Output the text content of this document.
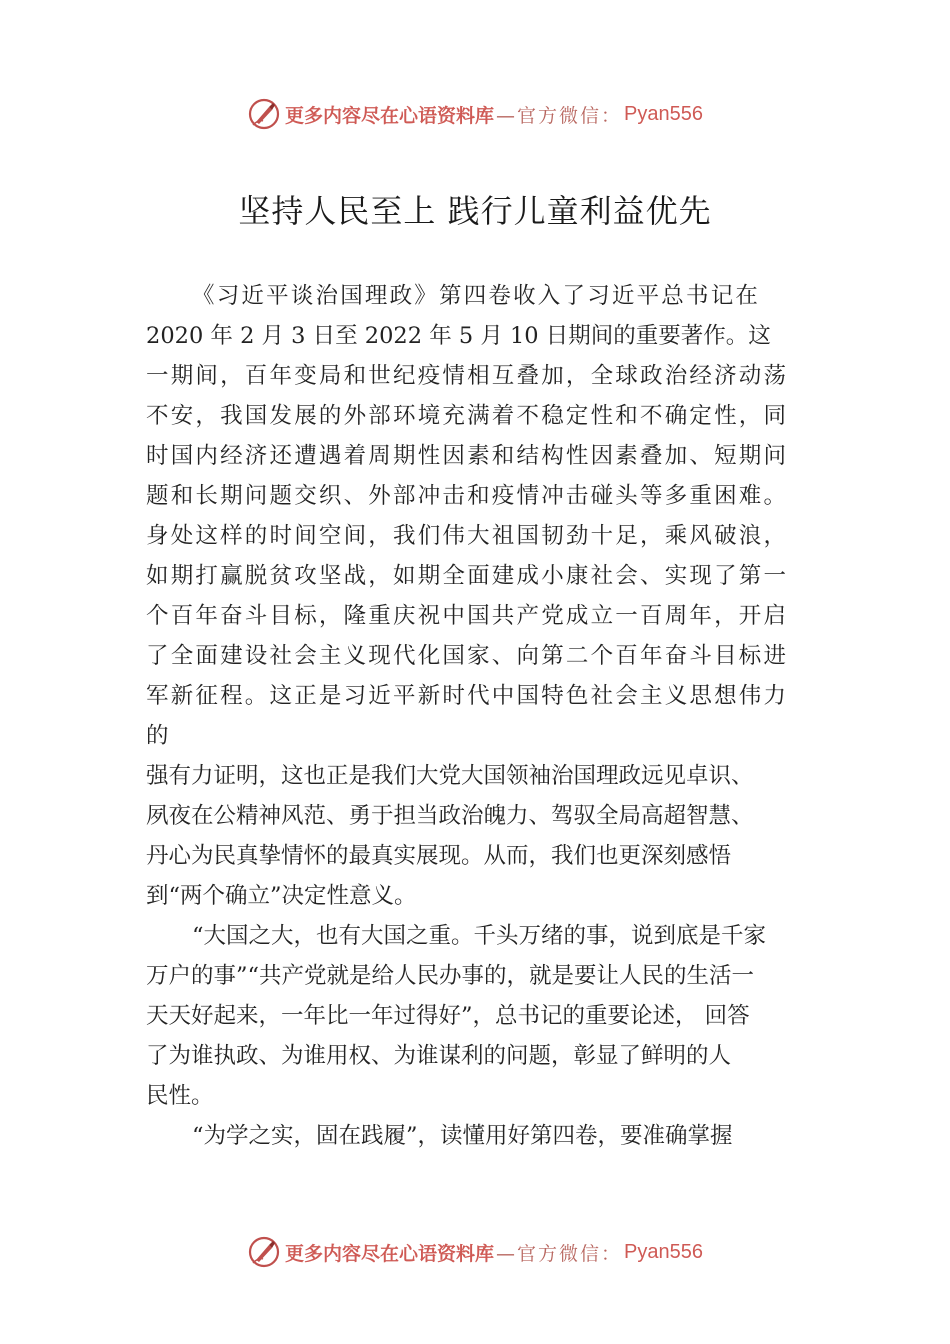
更多内容尽在心语资料库 —官方微信： Pyan556
坚持人民至上 践行儿童利益优先
《习近平谈治国理政》第四卷收入了习近平总书记在
2020 年 2 月 3 日至 2022 年 5 月 10 日期间的重要著作。这
一期间，百年变局和世纪疫情相互叠加，全球政治经济动荡
不安，我国发展的外部环境充满着不稳定性和不确定性，同
时国内经济还遭遇着周期性因素和结构性因素叠加、短期问
题和长期问题交织、外部冲击和疫情冲击碰头等多重困难。
身处这样的时间空间，我们伟大祖国韧劲十足，乘风破浪，
如期打赢脱贫攻坚战，如期全面建成小康社会、实现了第一
个百年奋斗目标，隆重庆祝中国共产党成立一百周年，开启
了全面建设社会主义现代化国家、向第二个百年奋斗目标进
军新征程。这正是习近平新时代中国特色社会主义思想伟力
的
强有力证明，这也正是我们大党大国领袖治国理政远见卓识、
夙夜在公精神风范、勇于担当政治魄力、驾驭全局高超智慧、
丹心为民真挚情怀的最真实展现。从而，我们也更深刻感悟
到“两个确立”决定性意义。
“大国之大，也有大国之重。千头万绪的事，说到底是千家
万户的事”“共产党就是给人民办事的，就是要让人民的生活一
天天好起来，一年比一年过得好”，总书记的重要论述， 回答
了为谁执政、为谁用权、为谁谋利的问题，彰显了鲜明的人
民性。
“为学之实，固在践履”，读懂用好第四卷，要准确掌握
更多内容尽在心语资料库 —官方微信： Pyan556
